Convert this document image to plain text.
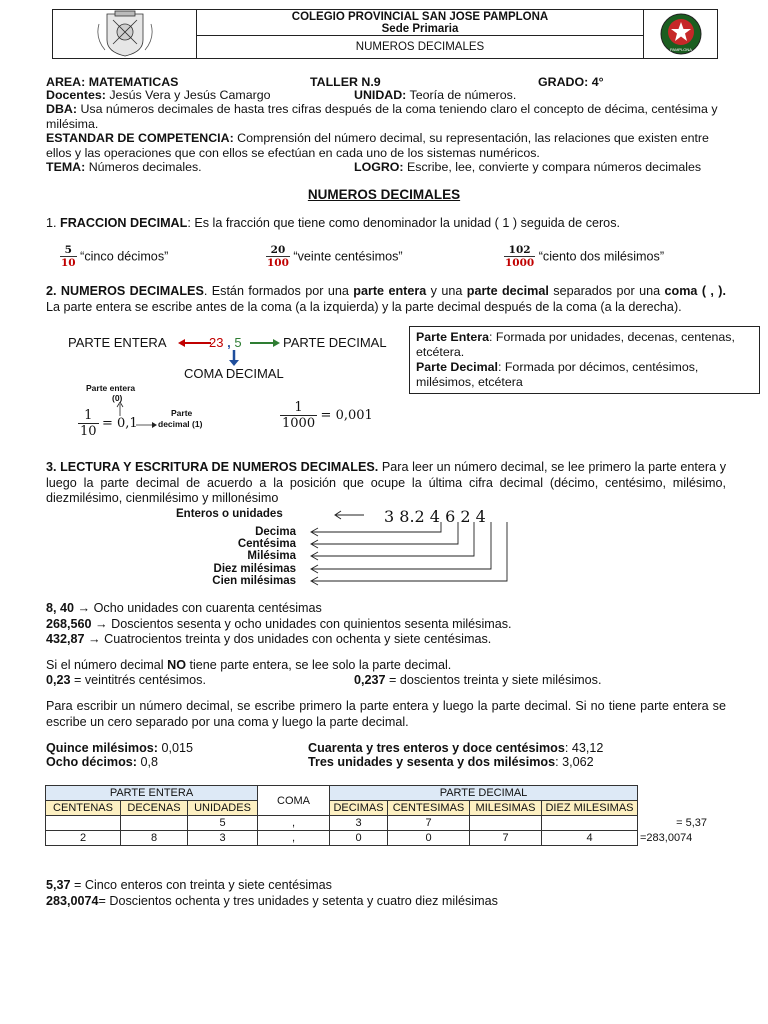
COLEGIO PROVINCIAL SAN JOSE PAMPLONA
Sede Primaria
NUMEROS DECIMALES	PAMPLONA
AREA: MATEMATICAS	TALLER N.9	GRADO: 4°
Docentes: Jesús Vera y Jesús Camargo	UNIDAD: Teoría de números.
DBA: Usa números decimales de hasta tres cifras después de la coma teniendo claro el concepto de décima, centésima y milésima.
ESTANDAR DE COMPETENCIA: Comprensión del número decimal, su representación, las relaciones que existen entre ellos y las operaciones que con ellos se efectúan en cada uno de los sistemas numéricos.
TEMA: Números decimales.	LOGRO: Escribe, lee, convierte y compara números decimales
NUMEROS DECIMALES
1. FRACCION DECIMAL: Es la fracción que tiene como denominador la unidad ( 1 ) seguida de ceros.
$\frac{5}{10}$ “cinco décimos”	$\frac{20}{100}$ “veinte centésimos”	$\frac{102}{1000}$ “ciento dos milésimos”
2. NUMEROS DECIMALES. Están formados por una parte entera y una parte decimal separados por una coma ( , ). La parte entera se escribe antes de la coma (a la izquierda) y la parte decimal después de la coma (a la derecha).
PARTE ENTERA	23 , 5	PARTE DECIMAL
COMA DECIMAL
Parte entera
(0)
Parte
decimal (1)
$\frac{1}{10} = 0,1$	$\frac{1}{1000} = 0,001$
Parte Entera: Formada por unidades, decenas, centenas, etcétera.
Parte Decimal: Formada por décimos, centésimos, milésimos, etcétera
3. LECTURA Y ESCRITURA DE NUMEROS DECIMALES. Para leer un número decimal, se lee primero la parte entera y luego la parte decimal de acuerdo a la posición que ocupe la última cifra decimal (décimo, centésimo, milésimo, diezmilésimo, cienmilésimo y millonésimo
Enteros o unidades	3 8.2 4 6 2 4
Decima
Centésima
Milésima
Diez milésimas
Cien milésimas
8, 40 → Ocho unidades con cuarenta centésimas
268,560 → Doscientos sesenta y ocho unidades con quinientos sesenta milésimas.
432,87 → Cuatrocientos treinta y dos unidades con ochenta y siete centésimas.
Si el número decimal NO tiene parte entera, se lee solo la parte decimal.
0,23 = veintitrés centésimos.	0,237 = doscientos treinta y siete milésimos.
Para escribir un número decimal, se escribe primero la parte entera y luego la parte decimal. Si no tiene parte entera se escribe un cero separado por una coma y luego la parte decimal.
Quince milésimos: 0,015	Cuarenta y tres enteros y doce centésimos: 43,12
Ocho décimos: 0,8	Tres unidades y sesenta y dos milésimos: 3,062
PARTE ENTERA			COMA	PARTE DECIMAL				
CENTENAS	DECENAS	UNIDADES		DECIMAS	CENTESIMAS	MILESIMAS	DIEZ MILESIMAS	
		5	,	3	7			= 5,37
2	8	3	,	0	0	7	4	=283,0074
5,37 = Cinco enteros con treinta y siete centésimas
283,0074= Doscientos ochenta y tres unidades y setenta y cuatro diez milésimas
